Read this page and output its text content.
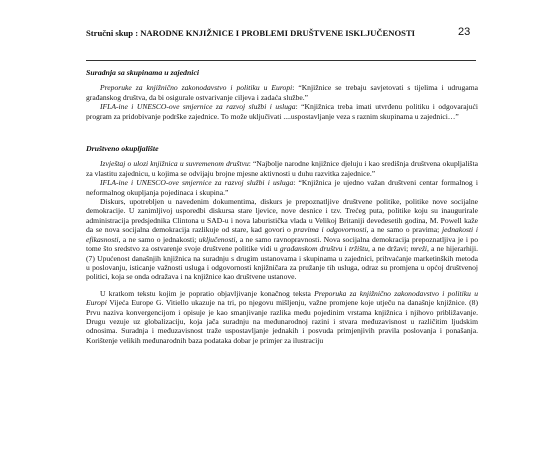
Stručni skup : NARODNE KNJIŽNICE I PROBLEMI DRUŠTVENE ISKLJUČENOSTI	23
Suradnja sa skupinama u zajednici

Preporuke za knjižnično zakonodavstvo i politiku u Europi: “Knjižnice se trebaju savjetovati s tijelima i udrugama građanskog društva, da bi osigurale ostvarivanje ciljeva i zadaća službe.”

IFLA-ine i UNESCO-ove smjernice za razvoj službi i usluga: “Knjižnica treba imati utvrđenu politiku i odgovarajući program za pridobivanje podrške zajednice. To može uključivati ....uspostavljanje veza s raznim skupinama u zajednici…”

Društveno okupljalište

Izvještaj o ulozi knjižnica u suvremenom društvu: “Najbolje narodne knjižnice djeluju i kao središnja društvena okupljališta za vlastitu zajednicu, u kojima se odvijaju brojne mjesne aktivnosti u duhu razvitka zajednice.”

IFLA-ine i UNESCO-ove smjernice za razvoj službi i usluga: “Knjižnica je ujedno važan društveni centar formalnog i neformalnog okupljanja pojedinaca i skupina.”

Diskurs, upotrebljen u navedenim dokumentima, diskurs je prepoznatljive društvene politike, politike nove socijalne demokracije. U zanimljivoj usporedbi diskursa stare ljevice, nove desnice i tzv. Trećeg puta, politike koju su inaugurirale administracija predsjednika Clintona u SAD-u i nova laburistička vlada u Velikoj Britaniji devedesetih godina, M. Powell kaže da se nova socijalna demokracija razlikuje od stare, kad govori o pravima i odgovornosti, a ne samo o pravima; jednakosti i efikasnosti, a ne samo o jednakosti; uključenosti, a ne samo ravnopravnosti. Nova socijalna demokracija prepoznatljiva je i po tome što sredstvo za ostvarenje svoje društvene politike vidi u građanskom društvu i tržištu, a ne državi; mreži, a ne hijerarhiji. (7) Upućenost današnjih knjižnica na suradnju s drugim ustanovama i skupinama u zajednici, prihvaćanje marketinških metoda u poslovanju, isticanje važnosti usluga i odgovornosti knjižničara za pružanje tih usluga, odraz su promjena u općoj društvenoj politici, koja se onda odražava i na knjižnice kao društvene ustanove.

U kratkom tekstu kojim je popratio objavljivanje konačnog teksta Preporuka za knjižnično zakonodavstvo i politiku u Europi Vijeća Europe G. Vitiello ukazuje na tri, po njegovu mišljenju, važne promjene koje utječu na današnje knjižnice. (8) Prvu naziva konvergencijom i opisuje je kao smanjivanje razlika među pojedinim vrstama knjižnica i njihovo približavanje. Drugu vezuje uz globalizaciju, koja jača suradnju na međunarodnoj razini i stvara međuzavisnost u različitim ljudskim odnosima. Suradnja i međuzavisnost traže uspostavljanje jednakih i posvuda primjenjivih pravila poslovanja i ponašanja. Korištenje velikih međunarodnih baza podataka dobar je primjer za ilustraciju
